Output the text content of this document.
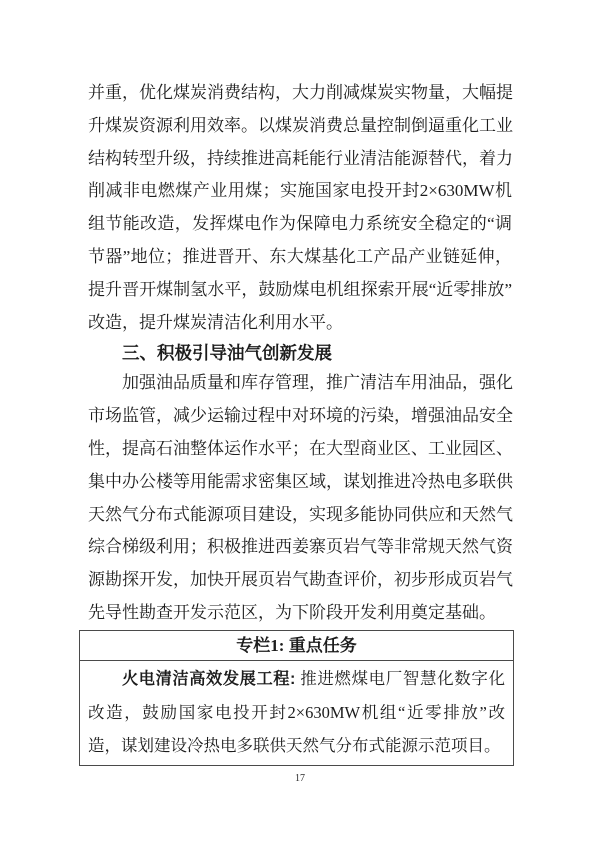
并重，优化煤炭消费结构，大力削减煤炭实物量，大幅提
升煤炭资源利用效率。以煤炭消费总量控制倒逼重化工业
结构转型升级，持续推进高耗能行业清洁能源替代，着力
削减非电燃煤产业用煤；实施国家电投开封2×630MW机
组节能改造，发挥煤电作为保障电力系统安全稳定的“调
节器”地位；推进晋开、东大煤基化工产品产业链延伸，
提升晋开煤制氢水平，鼓励煤电机组探索开展“近零排放”
改造，提升煤炭清洁化利用水平。
三、积极引导油气创新发展
加强油品质量和库存管理，推广清洁车用油品，强化
市场监管，减少运输过程中对环境的污染，增强油品安全
性，提高石油整体运作水平；在大型商业区、工业园区、
集中办公楼等用能需求密集区域，谋划推进冷热电多联供
天然气分布式能源项目建设，实现多能协同供应和天然气
综合梯级利用；积极推进西姜寨页岩气等非常规天然气资
源勘探开发，加快开展页岩气勘查评价，初步形成页岩气
先导性勘查开发示范区，为下阶段开发利用奠定基础。
专栏1: 重点任务
火电清洁高效发展工程: 推进燃煤电厂智慧化数字化
改造，鼓励国家电投开封2×630MW机组“近零排放”改
造，谋划建设冷热电多联供天然气分布式能源示范项目。
17
